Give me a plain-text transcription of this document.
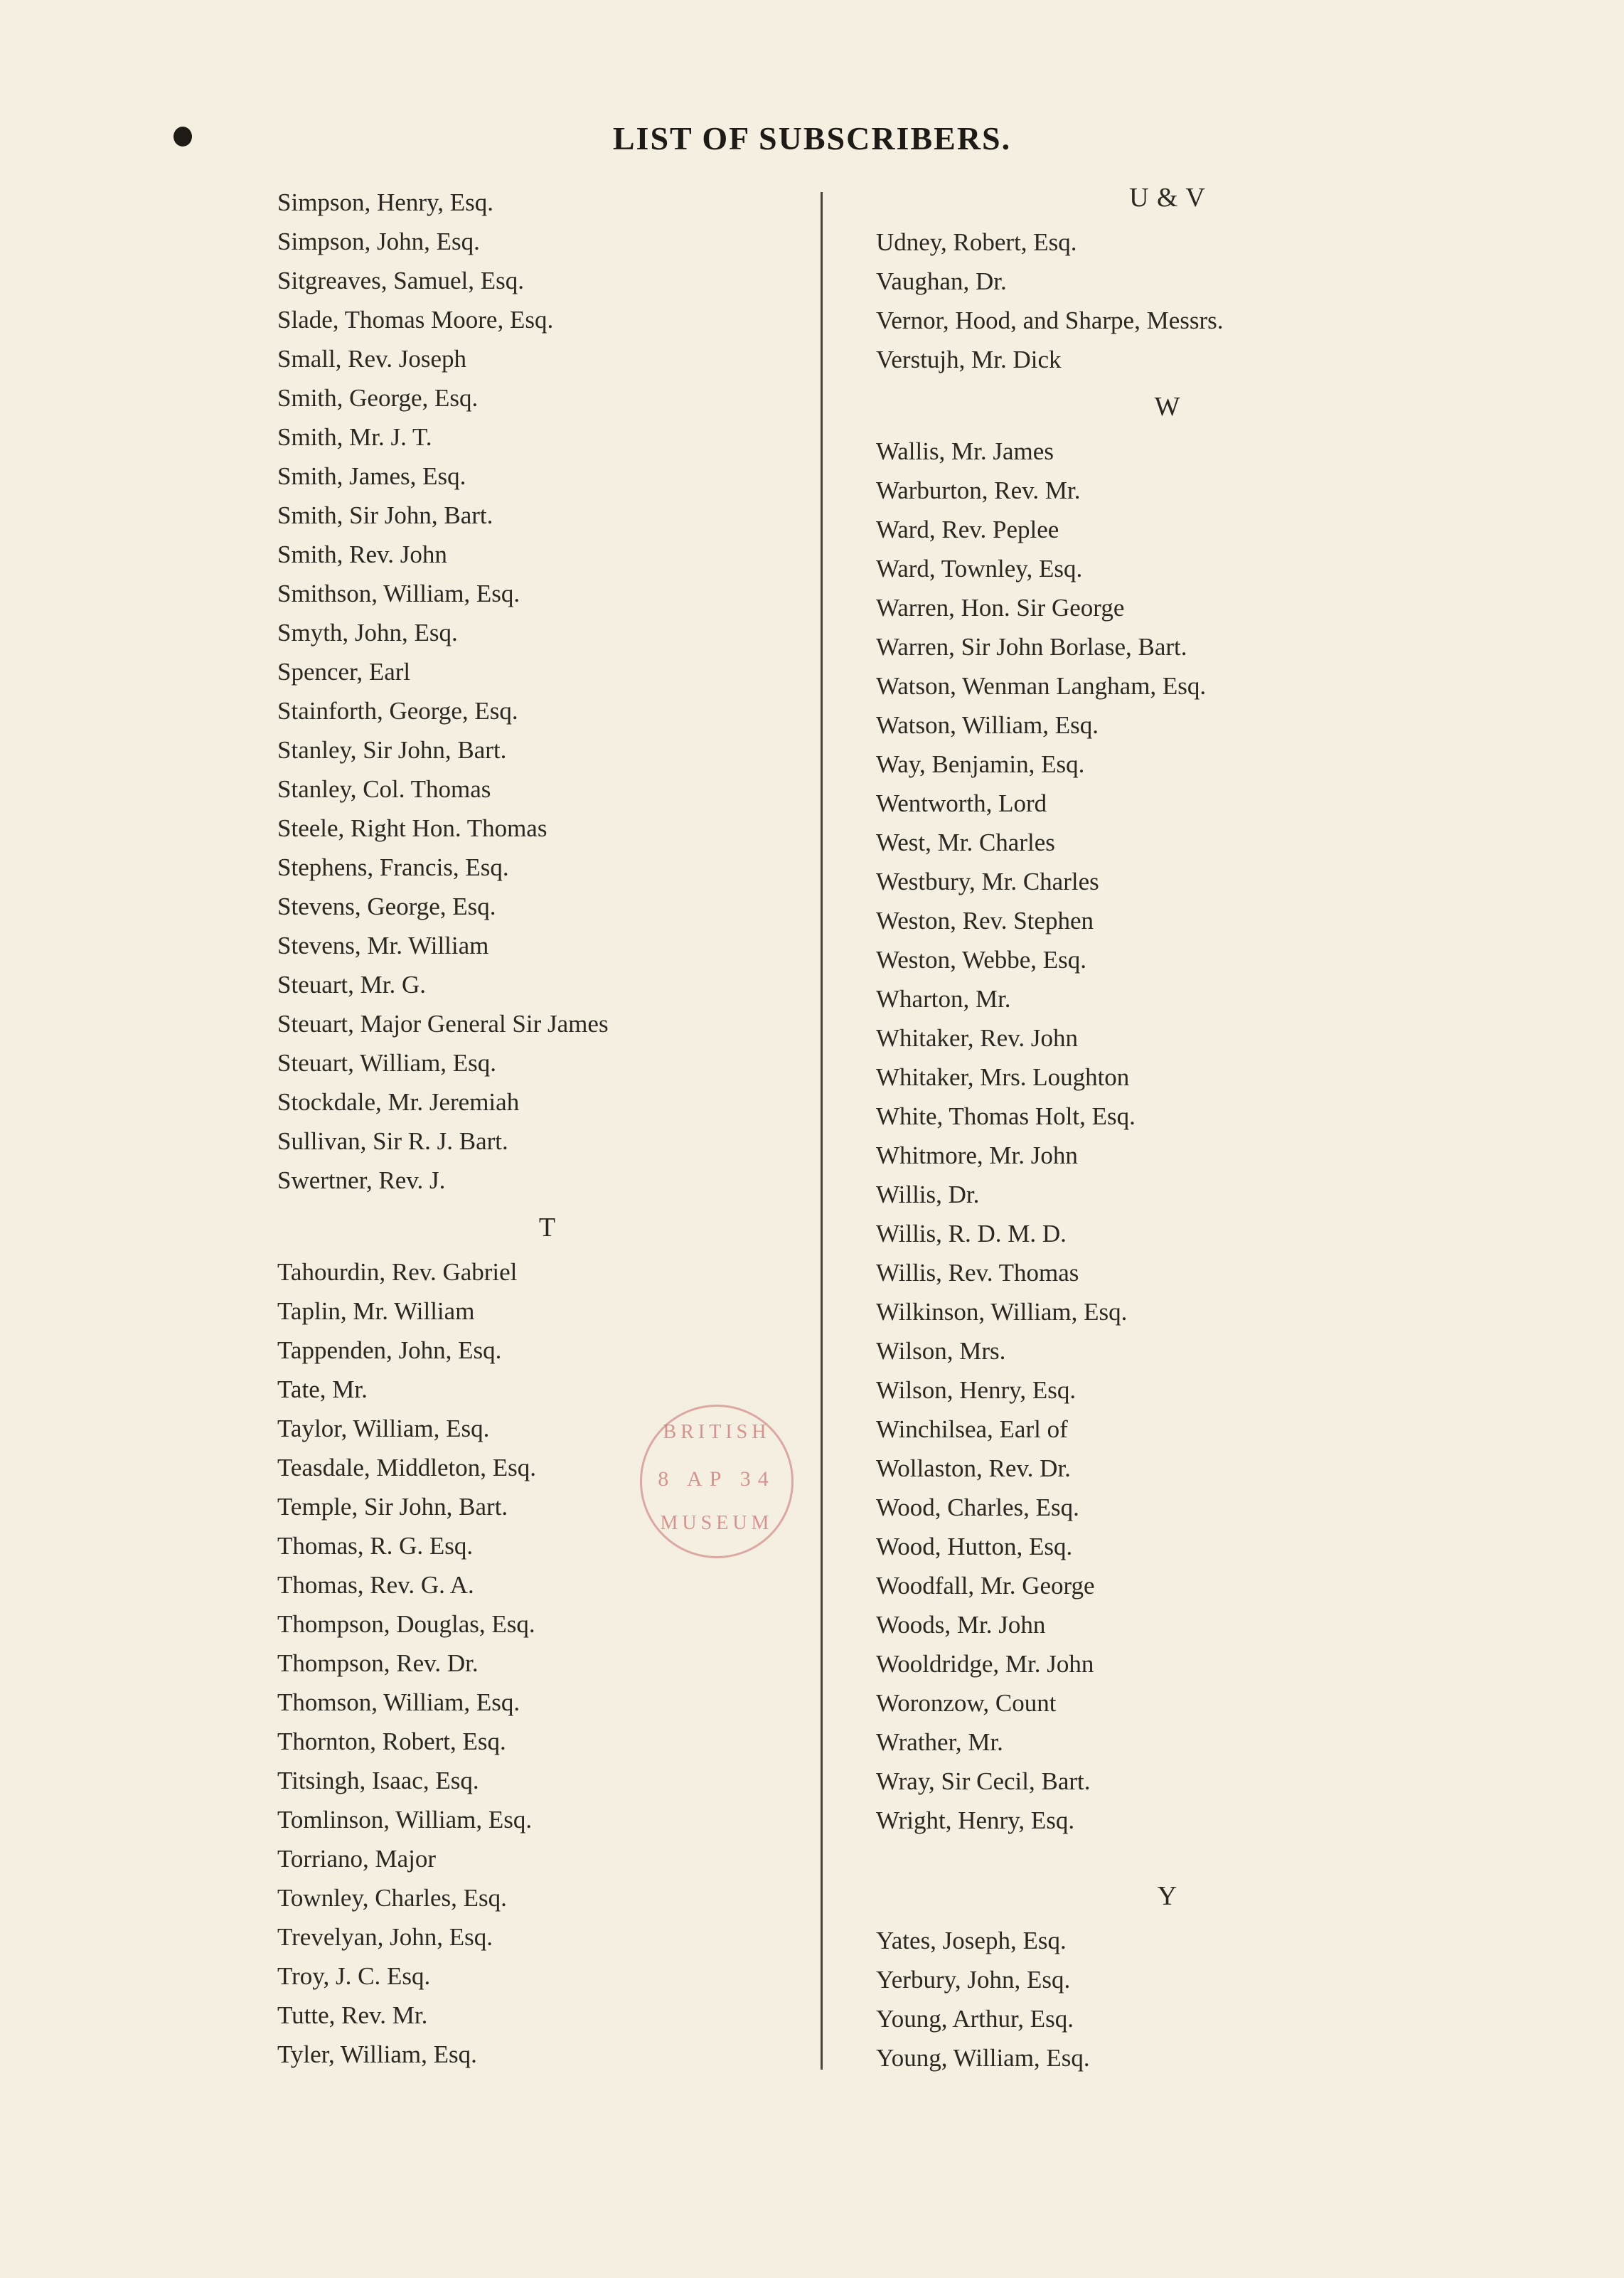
LIST OF SUBSCRIBERS.
Simpson, Henry, Esq.
Simpson, John, Esq.
Sitgreaves, Samuel, Esq.
Slade, Thomas Moore, Esq.
Small, Rev. Joseph
Smith, George, Esq.
Smith, Mr. J. T.
Smith, James, Esq.
Smith, Sir John, Bart.
Smith, Rev. John
Smithson, William, Esq.
Smyth, John, Esq.
Spencer, Earl
Stainforth, George, Esq.
Stanley, Sir John, Bart.
Stanley, Col. Thomas
Steele, Right Hon. Thomas
Stephens, Francis, Esq.
Stevens, George, Esq.
Stevens, Mr. William
Steuart, Mr. G.
Steuart, Major General Sir James
Steuart, William, Esq.
Stockdale, Mr. Jeremiah
Sullivan, Sir R. J. Bart.
Swertner, Rev. J.
T
Tahourdin, Rev. Gabriel
Taplin, Mr. William
Tappenden, John, Esq.
Tate, Mr.
Taylor, William, Esq.
Teasdale, Middleton, Esq.
Temple, Sir John, Bart.
Thomas, R. G. Esq.
Thomas, Rev. G. A.
Thompson, Douglas, Esq.
Thompson, Rev. Dr.
Thomson, William, Esq.
Thornton, Robert, Esq.
Titsingh, Isaac, Esq.
Tomlinson, William, Esq.
Torriano, Major
Townley, Charles, Esq.
Trevelyan, John, Esq.
Troy, J. C. Esq.
Tutte, Rev. Mr.
Tyler, William, Esq.
U & V
Udney, Robert, Esq.
Vaughan, Dr.
Vernor, Hood, and Sharpe, Messrs.
Verstujh, Mr. Dick
W
Wallis, Mr. James
Warburton, Rev. Mr.
Ward, Rev. Peplee
Ward, Townley, Esq.
Warren, Hon. Sir George
Warren, Sir John Borlase, Bart.
Watson, Wenman Langham, Esq.
Watson, William, Esq.
Way, Benjamin, Esq.
Wentworth, Lord
West, Mr. Charles
Westbury, Mr. Charles
Weston, Rev. Stephen
Weston, Webbe, Esq.
Wharton, Mr.
Whitaker, Rev. John
Whitaker, Mrs. Loughton
White, Thomas Holt, Esq.
Whitmore, Mr. John
Willis, Dr.
Willis, R. D. M. D.
Willis, Rev. Thomas
Wilkinson, William, Esq.
Wilson, Mrs.
Wilson, Henry, Esq.
Winchilsea, Earl of
Wollaston, Rev. Dr.
Wood, Charles, Esq.
Wood, Hutton, Esq.
Woodfall, Mr. George
Woods, Mr. John
Wooldridge, Mr. John
Woronzow, Count
Wrather, Mr.
Wray, Sir Cecil, Bart.
Wright, Henry, Esq.
Y
Yates, Joseph, Esq.
Yerbury, John, Esq.
Young, Arthur, Esq.
Young, William, Esq.
BRITISH
8 AP 34
MUSEUM
